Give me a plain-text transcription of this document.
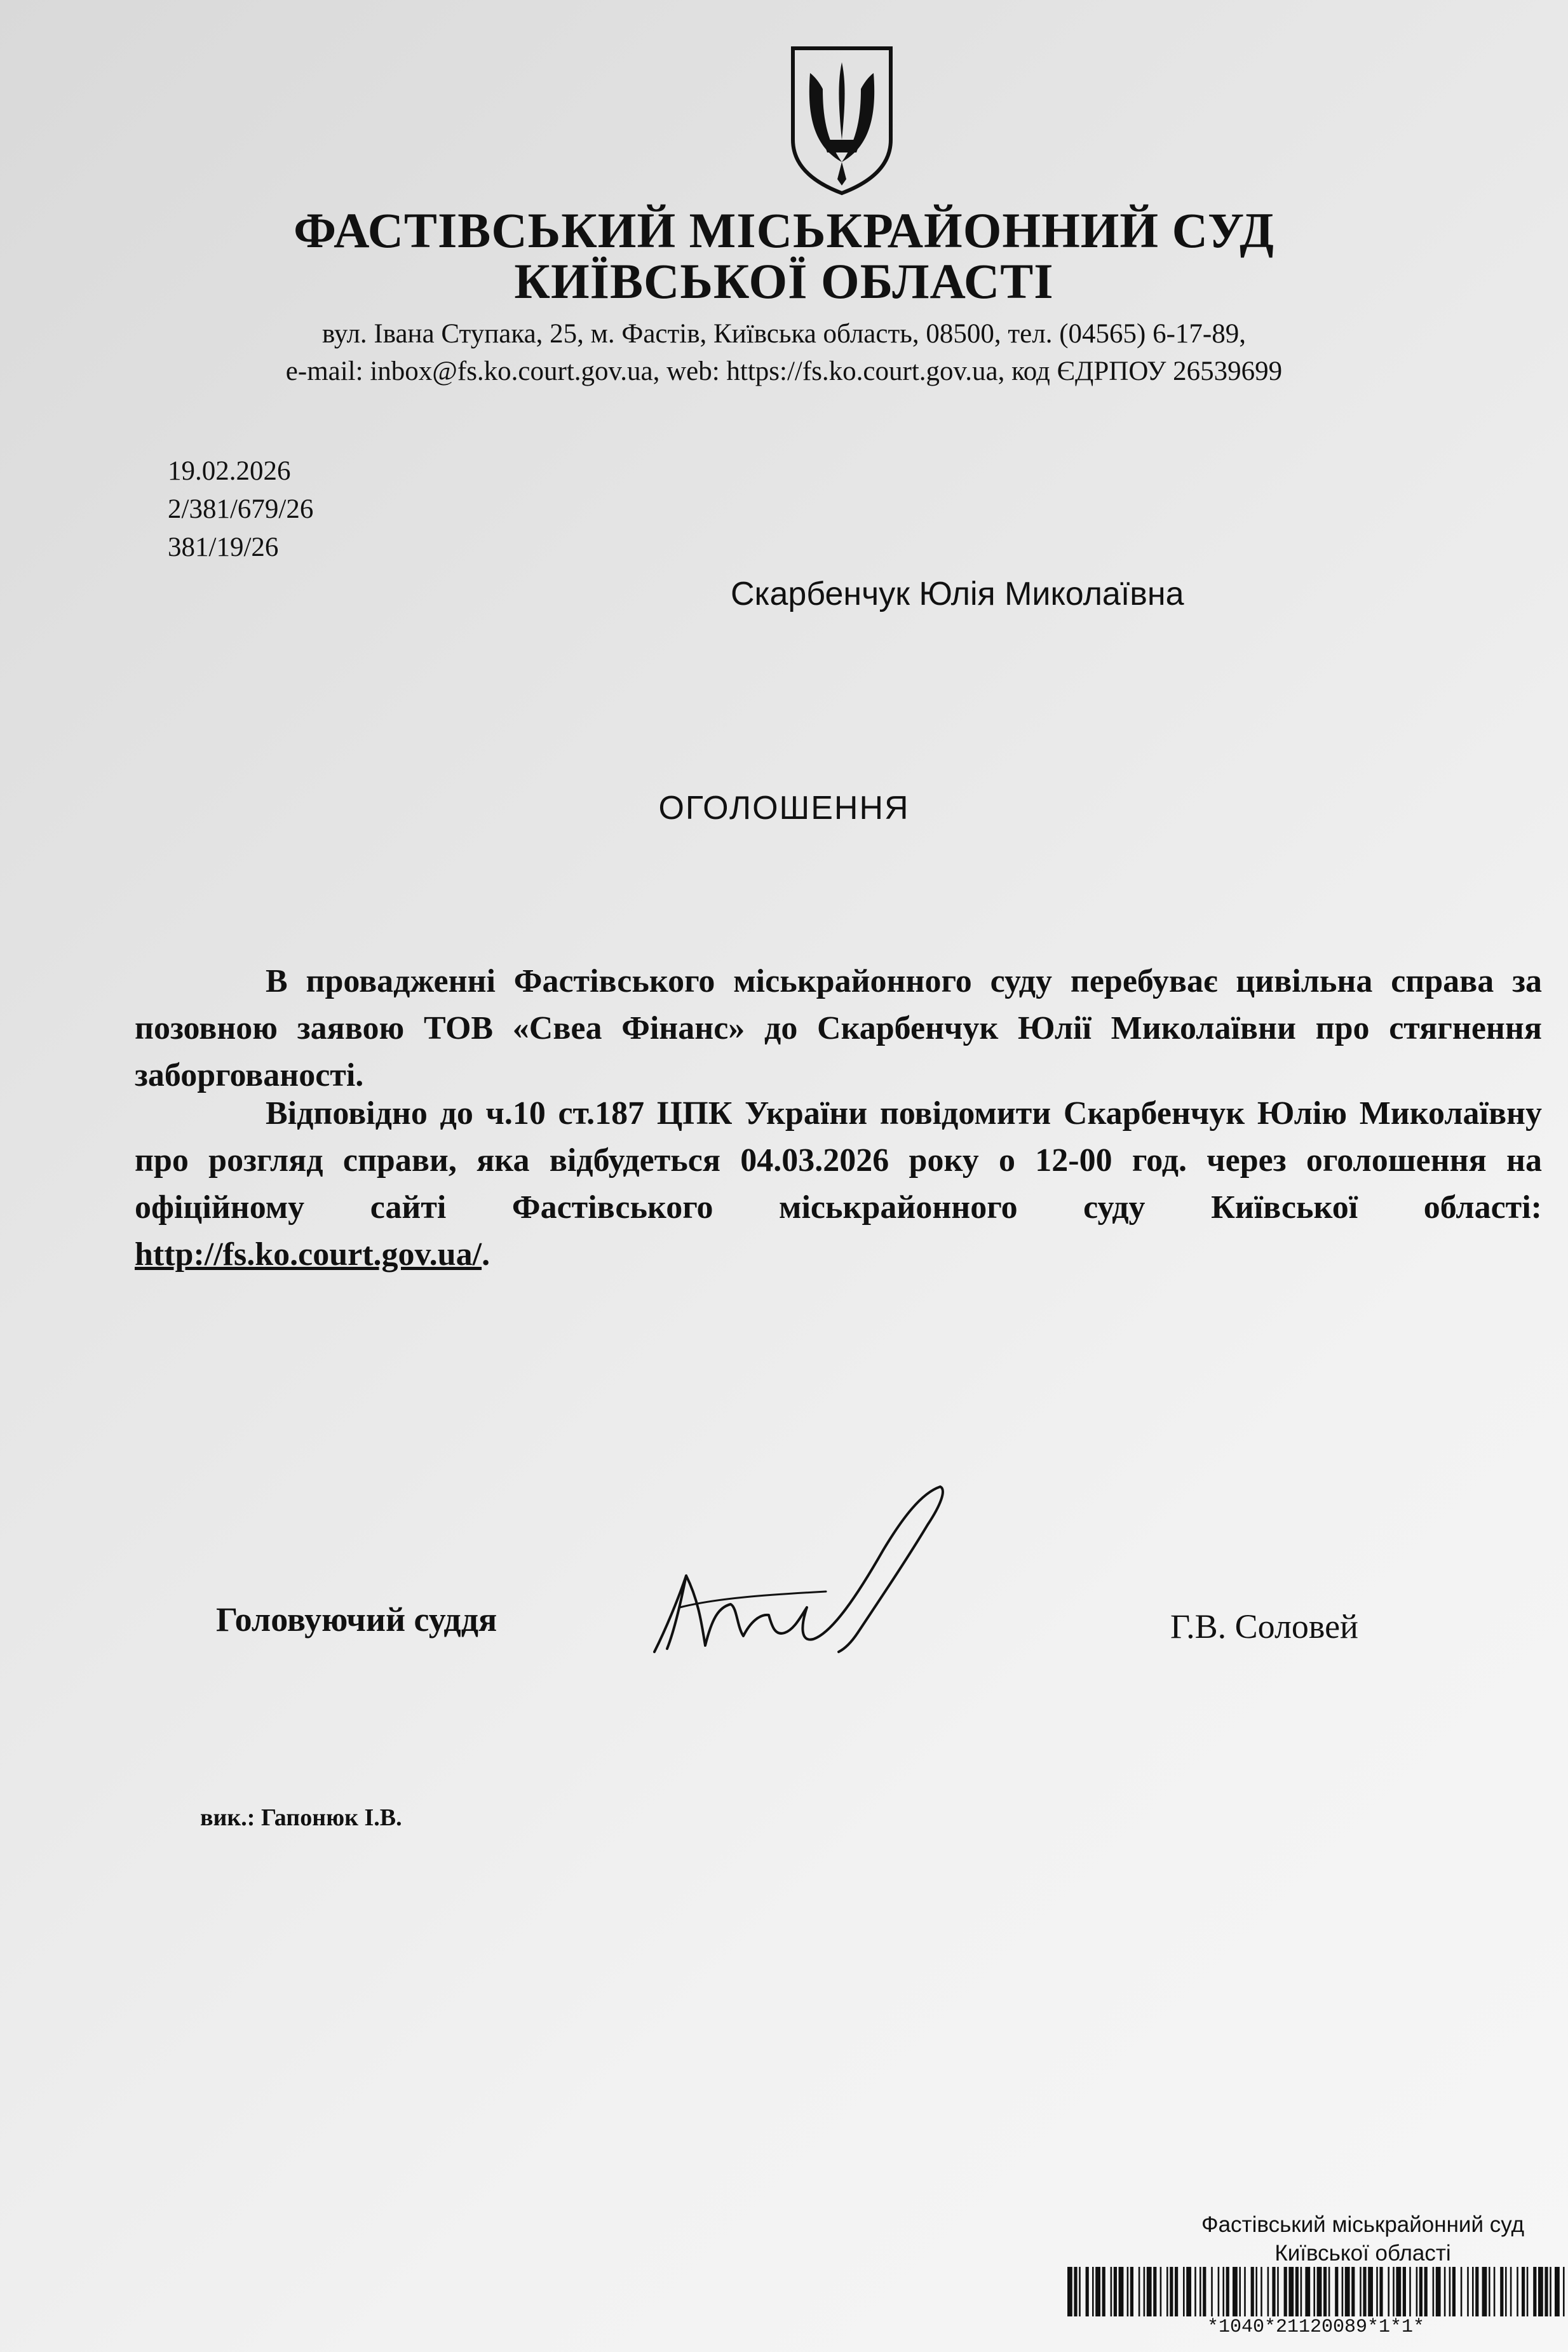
ФАСТІВСЬКИЙ МІСЬКРАЙОННИЙ СУД
КИЇВСЬКОЇ ОБЛАСТІ
вул. Івана Ступака, 25, м. Фастів, Київська область, 08500, тел. (04565) 6-17-89,
e-mail: inbox@fs.ko.court.gov.ua, web: https://fs.ko.court.gov.ua, код ЄДРПОУ 26539699
19.02.2026
2/381/679/26
381/19/26
Скарбенчук Юлія Миколаївна
ОГОЛОШЕННЯ

В провадженні Фастівського міськрайонного суду перебуває цивільна справа за позовною заявою ТОВ «Свеа Фінанс» до Скарбенчук Юлії Миколаївни про стягнення заборгованості.

Відповідно до ч.10 ст.187 ЦПК України повідомити Скарбенчук Юлію Миколаївну про розгляд справи, яка відбудеться 04.03.2026 року о 12-00 год. через оголошення на офіційному сайті Фастівського міськрайонного суду Київської області: http://fs.ko.court.gov.ua/.

Головуючий суддя	Г.В. Соловей
вик.: Гапонюк І.В.
Фастівський міськрайонний суд
Київської області
*1040*21120089*1*1*
